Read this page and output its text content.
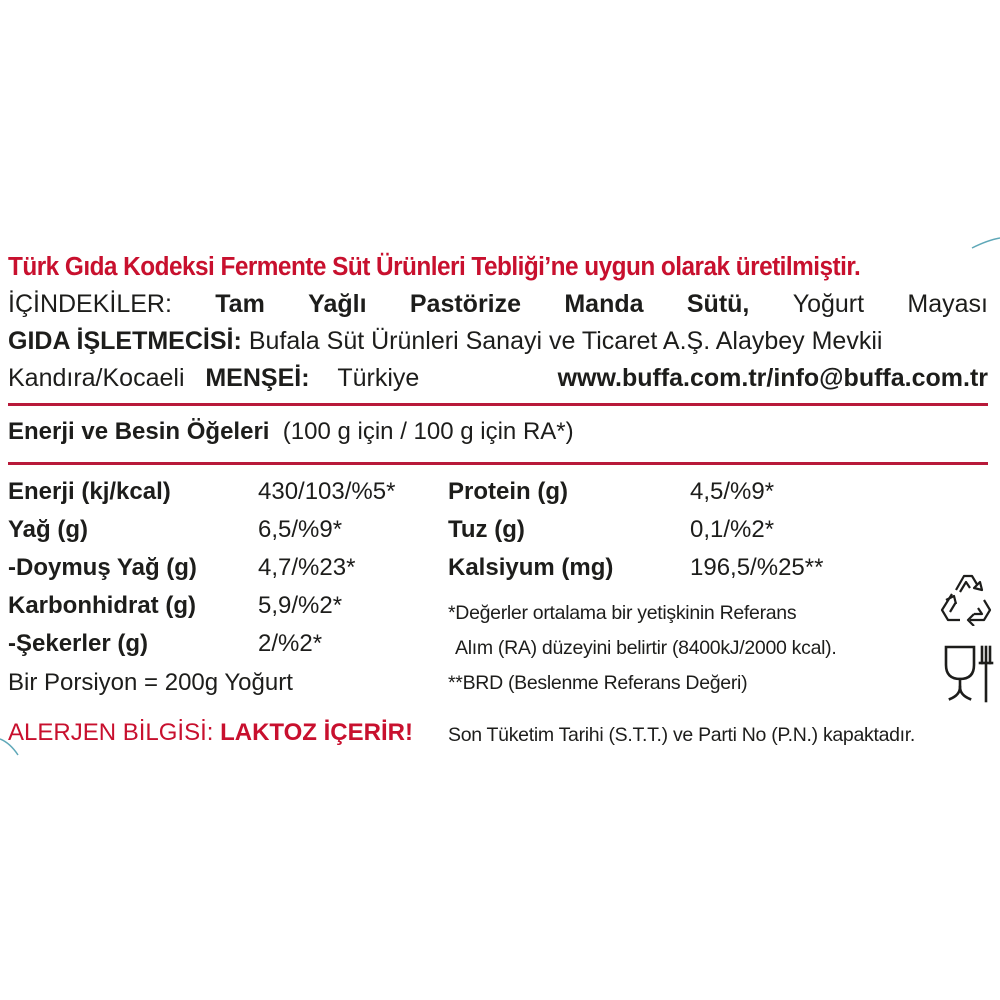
Türk Gıda Kodeksi Fermente Süt Ürünleri Tebliği’ne uygun olarak üretilmiştir.
İÇİNDEKİLER: Tam Yağlı Pastörize Manda Sütü, Yoğurt Mayası
GIDA İŞLETMECİSİ: Bufala Süt Ürünleri Sanayi ve Ticaret A.Ş. Alaybey Mevkii
Kandıra/Kocaeli MENŞEİ: Türkiye	www.buffa.com.tr/info@buffa.com.tr
Enerji ve Besin Öğeleri (100 g için / 100 g için RA*)
Enerji (kj/kcal)	430/103/%5*
Yağ (g)	6,5/%9*
-Doymuş Yağ (g)	4,7/%23*
Karbonhidrat (g)	5,9/%2*
-Şekerler (g)	2/%2*
Bir Porsiyon = 200g Yoğurt
Protein (g)	4,5/%9*
Tuz (g)	0,1/%2*
Kalsiyum (mg)	196,5/%25**
*Değerler ortalama bir yetişkinin Referans
Alım (RA) düzeyini belirtir (8400kJ/2000 kcal).
**BRD (Beslenme Referans Değeri)
ALERJEN BİLGİSİ: LAKTOZ İÇERİR! Son Tüketim Tarihi (S.T.T.) ve Parti No (P.N.) kapaktadır.
